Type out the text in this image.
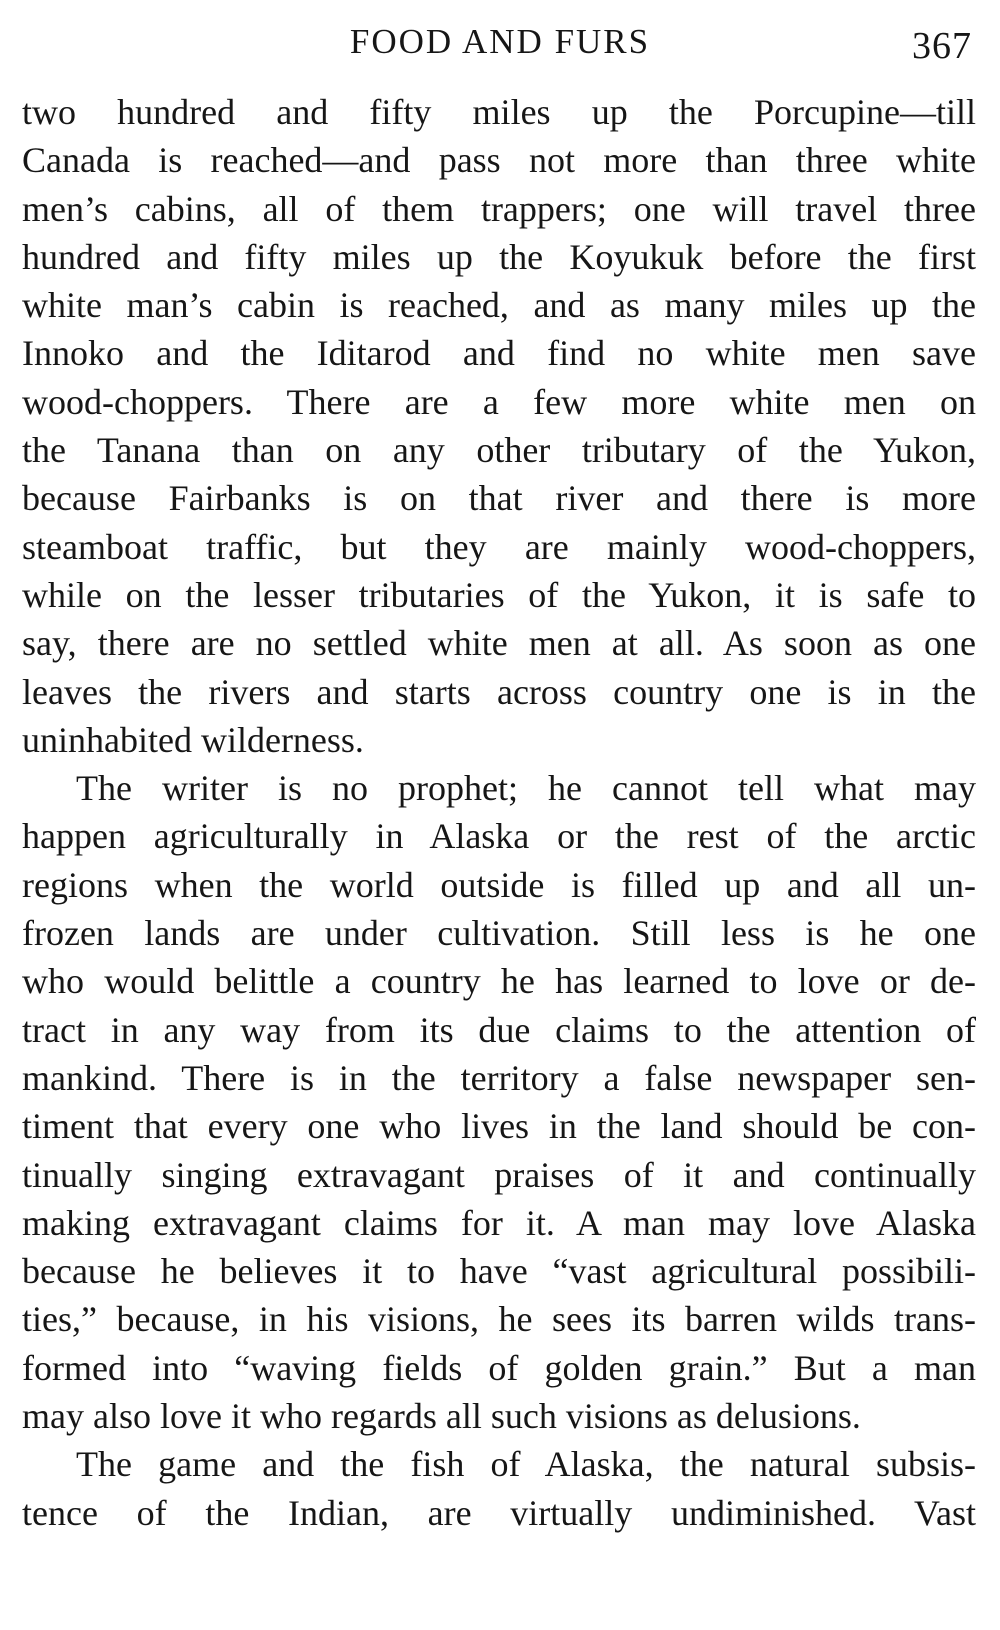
FOOD AND FURS	367
two hundred and fifty miles up the Porcupine—till
Canada is reached—and pass not more than three white
men’s cabins, all of them trappers; one will travel three
hundred and fifty miles up the Koyukuk before the first
white man’s cabin is reached, and as many miles up the
Innoko and the Iditarod and find no white men save
wood-choppers. There are a few more white men on
the Tanana than on any other tributary of the Yukon,
because Fairbanks is on that river and there is more
steamboat traffic, but they are mainly wood-choppers,
while on the lesser tributaries of the Yukon, it is safe to
say, there are no settled white men at all. As soon as one
leaves the rivers and starts across country one is in the
uninhabited wilderness.
The writer is no prophet; he cannot tell what may
happen agriculturally in Alaska or the rest of the arctic
regions when the world outside is filled up and all un-
frozen lands are under cultivation. Still less is he one
who would belittle a country he has learned to love or de-
tract in any way from its due claims to the attention of
mankind. There is in the territory a false newspaper sen-
timent that every one who lives in the land should be con-
tinually singing extravagant praises of it and continually
making extravagant claims for it. A man may love Alaska
because he believes it to have “vast agricultural possibili-
ties,” because, in his visions, he sees its barren wilds trans-
formed into “waving fields of golden grain.” But a man
may also love it who regards all such visions as delusions.
The game and the fish of Alaska, the natural subsis-
tence of the Indian, are virtually undiminished. Vast
